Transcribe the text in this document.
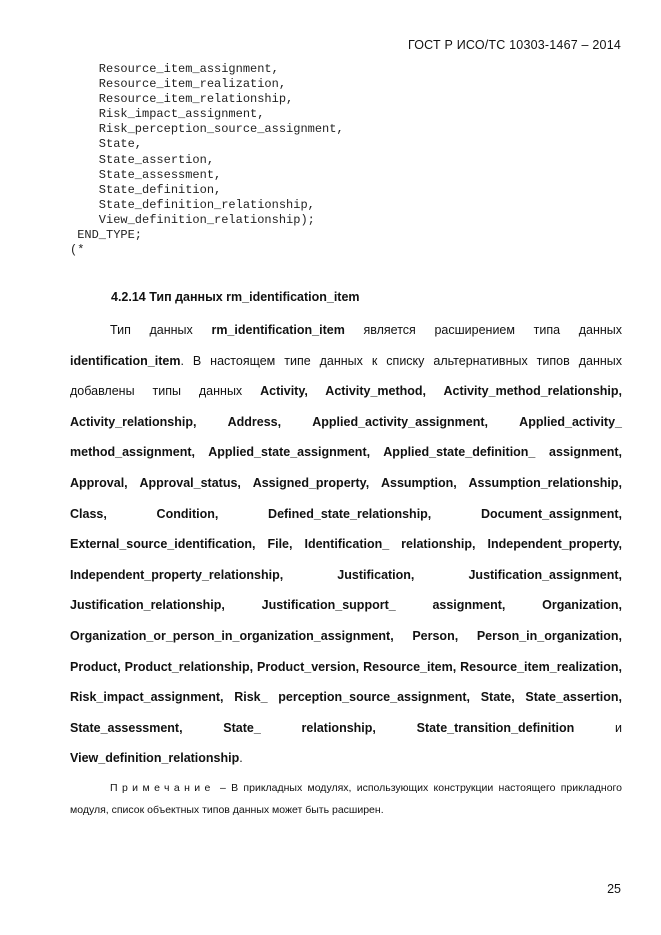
ГОСТ Р ИСО/ТС 10303-1467 – 2014
Resource_item_assignment,
Resource_item_realization,
Resource_item_relationship,
Risk_impact_assignment,
Risk_perception_source_assignment,
State,
State_assertion,
State_assessment,
State_definition,
State_definition_relationship,
View_definition_relationship);
END_TYPE;
(*
4.2.14 Тип данных rm_identification_item

Тип данных rm_identification_item является расширением типа данных identification_item. В настоящем типе данных к списку альтернативных типов данных добавлены типы данных Activity, Activity_method, Activity_method_relationship, Activity_relationship, Address, Applied_activity_assignment, Applied_activity_ method_assignment, Applied_state_assignment, Applied_state_definition_ assignment, Approval, Approval_status, Assigned_property, Assumption, Assumption_relationship, Class, Condition, Defined_state_relationship, Document_assignment, External_source_identification, File, Identification_ relationship, Independent_property, Independent_property_relationship, Justification, Justification_assignment, Justification_relationship, Justification_support_ assignment, Organization, Organization_or_person_in_organization_assignment, Person, Person_in_organization, Product, Product_relationship, Product_version, Resource_item, Resource_item_realization, Risk_impact_assignment, Risk_ perception_source_assignment, State, State_assertion, State_assessment, State_ relationship, State_transition_definition и View_definition_relationship.

Примечание – В прикладных модулях, использующих конструкции настоящего прикладного модуля, список объектных типов данных может быть расширен.

25
